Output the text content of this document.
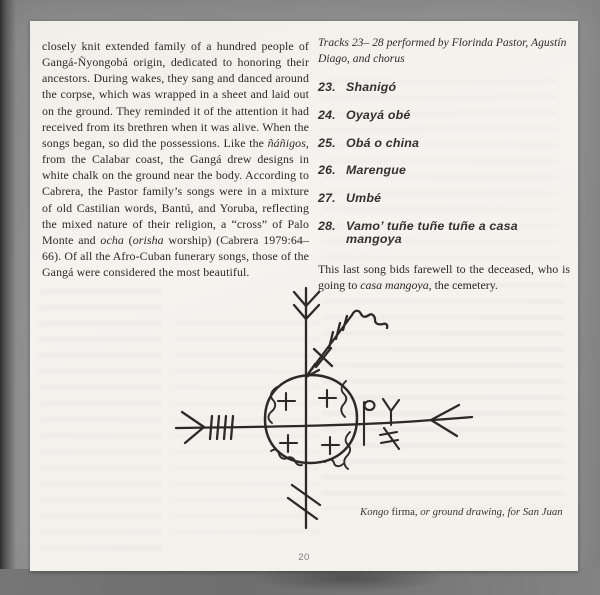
closely knit extended family of a hundred people of Gangá-Ñyongobá origin, dedicated to honoring their ancestors. During wakes, they sang and danced around the corpse, which was wrapped in a sheet and laid out on the ground. They reminded it of the attention it had received from its brethren when it was alive. When the songs began, so did the possessions. Like the ñáñigos, from the Calabar coast, the Gangá drew designs in white chalk on the ground near the body. According to Cabrera, the Pastor family’s songs were in a mixture of old Castilian words, Bantú, and Yoruba, reflecting the mixed nature of their religion, a “cross” of Palo Monte and ocha (orisha worship) (Cabrera 1979:64–66). Of all the Afro-Cuban funerary songs, those of the Gangá were considered the most beautiful.
Tracks 23– 28 performed by Florinda Pastor, Agustín Diago, and chorus
23. Shanigó
24. Oyayá obé
25. Obá o china
26. Marengue
27. Umbé
28. Vamo’ tuñe tuñe tuñe a casa mangoya
This last song bids farewell to the deceased, who is going to casa mangoya, the cemetery.
Kongo firma, or ground drawing, for San Juan
20
